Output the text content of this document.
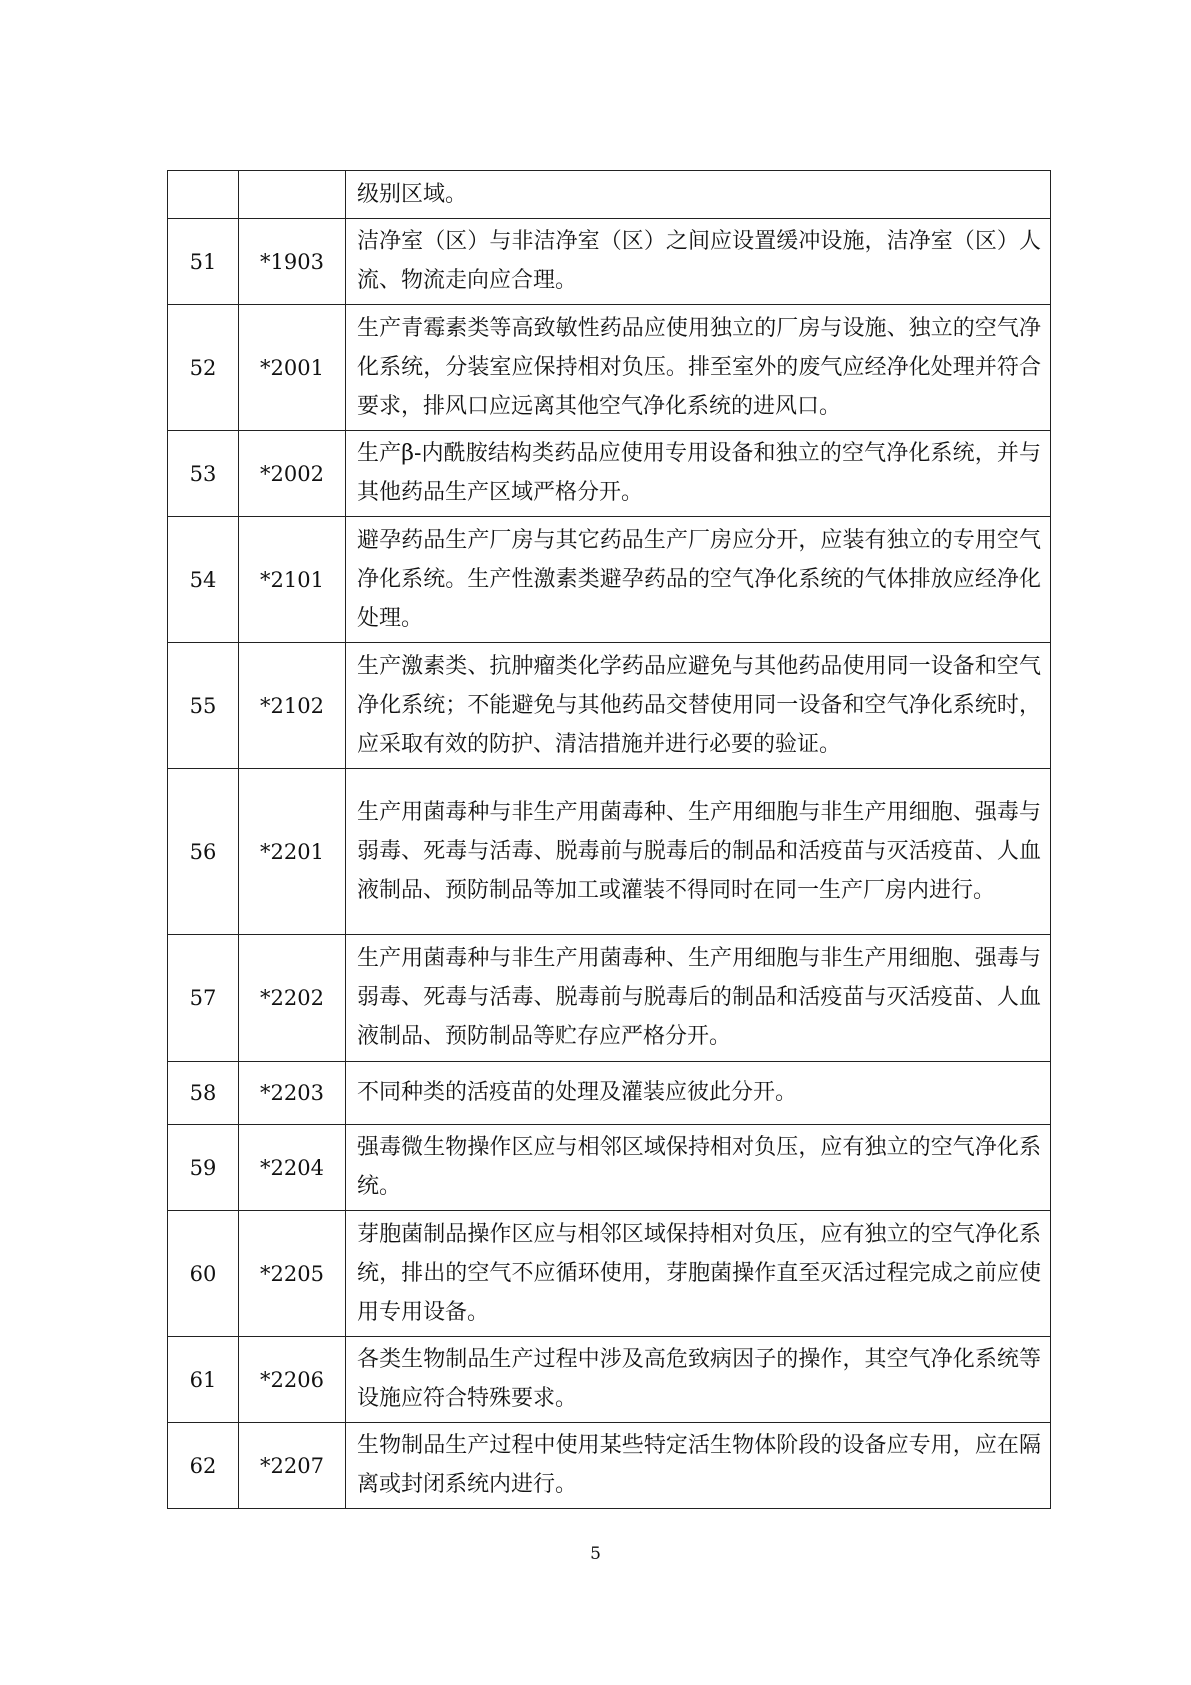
		级别区域。
51	*1903	洁净室（区）与非洁净室（区）之间应设置缓冲设施，洁净室（区）人流、物流走向应合理。
52	*2001	生产青霉素类等高致敏性药品应使用独立的厂房与设施、独立的空气净化系统，分装室应保持相对负压。排至室外的废气应经净化处理并符合要求，排风口应远离其他空气净化系统的进风口。
53	*2002	生产β-内酰胺结构类药品应使用专用设备和独立的空气净化系统，并与其他药品生产区域严格分开。
54	*2101	避孕药品生产厂房与其它药品生产厂房应分开，应装有独立的专用空气净化系统。生产性激素类避孕药品的空气净化系统的气体排放应经净化处理。
55	*2102	生产激素类、抗肿瘤类化学药品应避免与其他药品使用同一设备和空气净化系统；不能避免与其他药品交替使用同一设备和空气净化系统时，应采取有效的防护、清洁措施并进行必要的验证。
56	*2201	生产用菌毒种与非生产用菌毒种、生产用细胞与非生产用细胞、强毒与弱毒、死毒与活毒、脱毒前与脱毒后的制品和活疫苗与灭活疫苗、人血液制品、预防制品等加工或灌装不得同时在同一生产厂房内进行。
57	*2202	生产用菌毒种与非生产用菌毒种、生产用细胞与非生产用细胞、强毒与弱毒、死毒与活毒、脱毒前与脱毒后的制品和活疫苗与灭活疫苗、人血液制品、预防制品等贮存应严格分开。
58	*2203	不同种类的活疫苗的处理及灌装应彼此分开。
59	*2204	强毒微生物操作区应与相邻区域保持相对负压，应有独立的空气净化系统。
60	*2205	芽胞菌制品操作区应与相邻区域保持相对负压，应有独立的空气净化系统，排出的空气不应循环使用，芽胞菌操作直至灭活过程完成之前应使用专用设备。
61	*2206	各类生物制品生产过程中涉及高危致病因子的操作，其空气净化系统等设施应符合特殊要求。
62	*2207	生物制品生产过程中使用某些特定活生物体阶段的设备应专用，应在隔离或封闭系统内进行。
5
